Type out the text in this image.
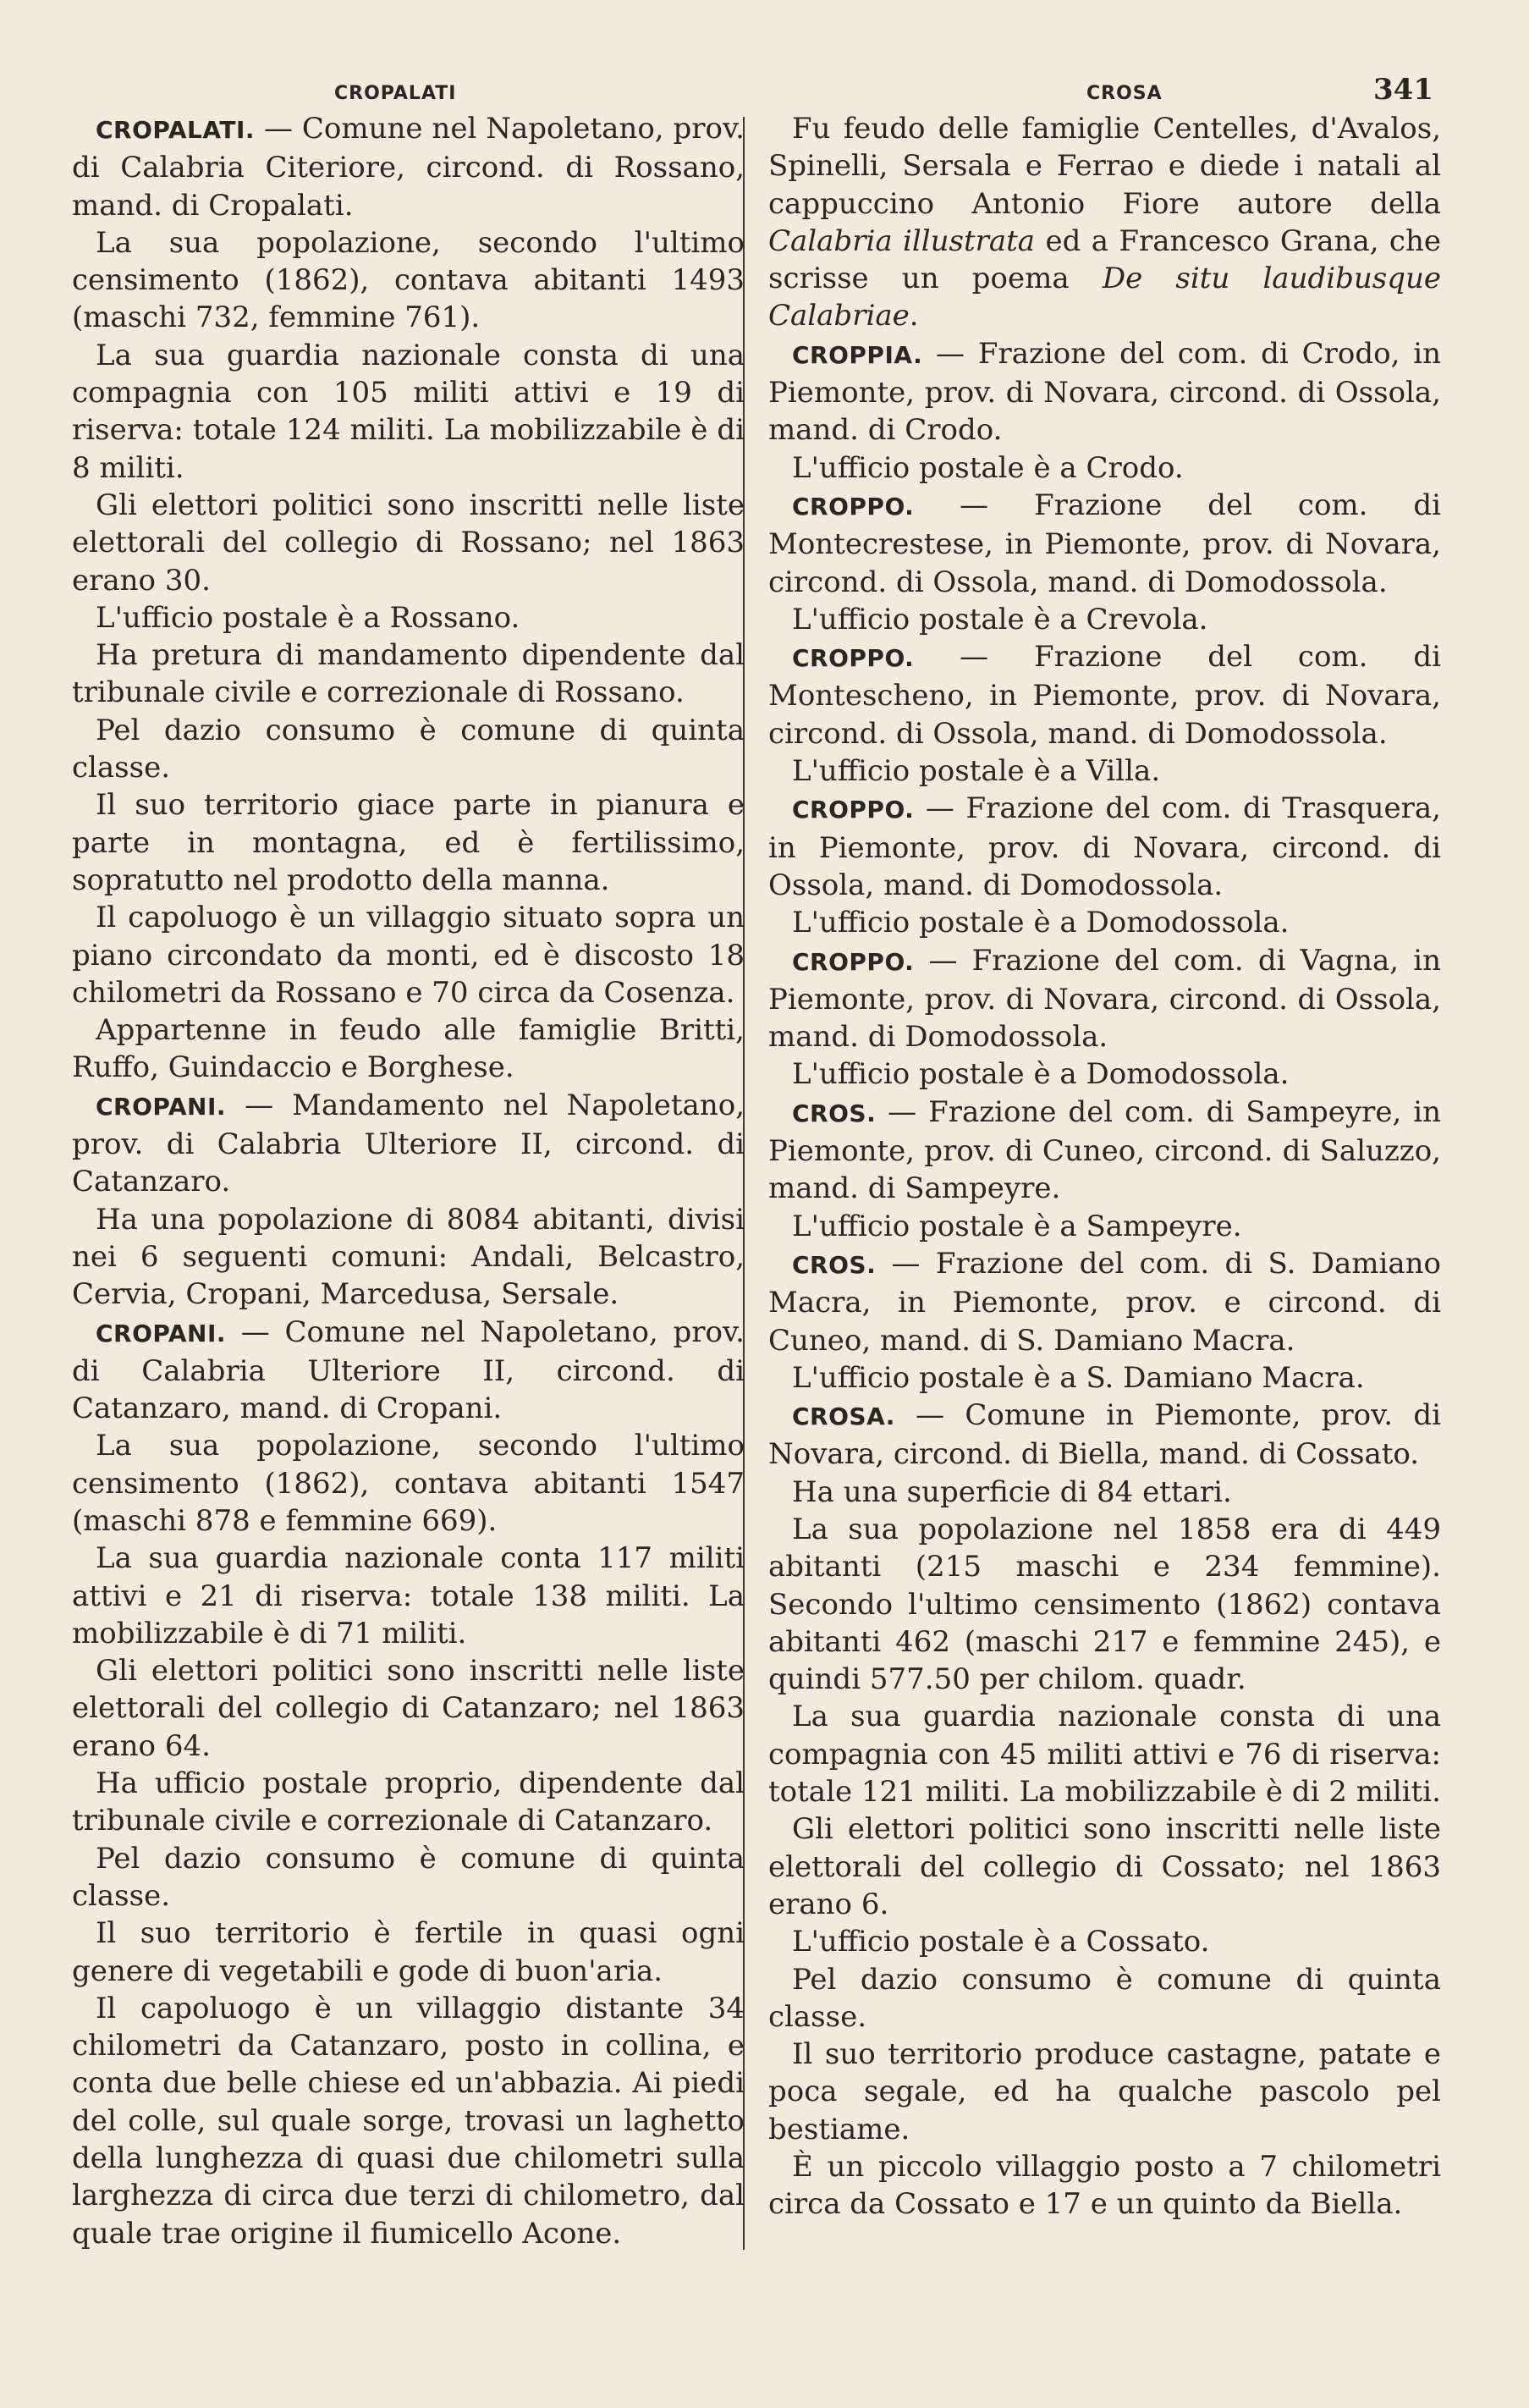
CROPALATI	CROSA	341

CROPALATI. — Comune nel Napoletano, prov. di Calabria Citeriore, circond. di Rossano, mand. di Cropalati.

La sua popolazione, secondo l'ultimo censimento (1862), contava abitanti 1493 (maschi 732, femmine 761).

La sua guardia nazionale consta di una compagnia con 105 militi attivi e 19 di riserva: totale 124 militi. La mobilizzabile è di 8 militi.

Gli elettori politici sono inscritti nelle liste elettorali del collegio di Rossano; nel 1863 erano 30.

L'ufficio postale è a Rossano.

Ha pretura di mandamento dipendente dal tribunale civile e correzionale di Rossano.

Pel dazio consumo è comune di quinta classe.

Il suo territorio giace parte in pianura e parte in montagna, ed è fertilissimo, sopratutto nel prodotto della manna.

Il capoluogo è un villaggio situato sopra un piano circondato da monti, ed è discosto 18 chilometri da Rossano e 70 circa da Cosenza.

Appartenne in feudo alle famiglie Britti, Ruffo, Guindaccio e Borghese.

CROPANI. — Mandamento nel Napoletano, prov. di Calabria Ulteriore II, circond. di Catanzaro.

Ha una popolazione di 8084 abitanti, divisi nei 6 seguenti comuni: Andali, Belcastro, Cervia, Cropani, Marcedusa, Sersale.

CROPANI. — Comune nel Napoletano, prov. di Calabria Ulteriore II, circond. di Catanzaro, mand. di Cropani.

La sua popolazione, secondo l'ultimo censimento (1862), contava abitanti 1547 (maschi 878 e femmine 669).

La sua guardia nazionale conta 117 militi attivi e 21 di riserva: totale 138 militi. La mobilizzabile è di 71 militi.

Gli elettori politici sono inscritti nelle liste elettorali del collegio di Catanzaro; nel 1863 erano 64.

Ha ufficio postale proprio, dipendente dal tribunale civile e correzionale di Catanzaro.

Pel dazio consumo è comune di quinta classe.

Il suo territorio è fertile in quasi ogni genere di vegetabili e gode di buon'aria.

Il capoluogo è un villaggio distante 34 chilometri da Catanzaro, posto in collina, e conta due belle chiese ed un'abbazia. Ai piedi del colle, sul quale sorge, trovasi un laghetto della lunghezza di quasi due chilometri sulla larghezza di circa due terzi di chilometro, dal quale trae origine il fiumicello Acone.

Fu feudo delle famiglie Centelles, d'Avalos, Spinelli, Sersala e Ferrao e diede i natali al cappuccino Antonio Fiore autore della Calabria illustrata ed a Francesco Grana, che scrisse un poema De situ laudibusque Calabriae.

CROPPIA. — Frazione del com. di Crodo, in Piemonte, prov. di Novara, circond. di Ossola, mand. di Crodo.

L'ufficio postale è a Crodo.

CROPPO. — Frazione del com. di Montecrestese, in Piemonte, prov. di Novara, circond. di Ossola, mand. di Domodossola.

L'ufficio postale è a Crevola.

CROPPO. — Frazione del com. di Montescheno, in Piemonte, prov. di Novara, circond. di Ossola, mand. di Domodossola.

L'ufficio postale è a Villa.

CROPPO. — Frazione del com. di Trasquera, in Piemonte, prov. di Novara, circond. di Ossola, mand. di Domodossola.

L'ufficio postale è a Domodossola.

CROPPO. — Frazione del com. di Vagna, in Piemonte, prov. di Novara, circond. di Ossola, mand. di Domodossola.

L'ufficio postale è a Domodossola.

CROS. — Frazione del com. di Sampeyre, in Piemonte, prov. di Cuneo, circond. di Saluzzo, mand. di Sampeyre.

L'ufficio postale è a Sampeyre.

CROS. — Frazione del com. di S. Damiano Macra, in Piemonte, prov. e circond. di Cuneo, mand. di S. Damiano Macra.

L'ufficio postale è a S. Damiano Macra.

CROSA. — Comune in Piemonte, prov. di Novara, circond. di Biella, mand. di Cossato.

Ha una superficie di 84 ettari.

La sua popolazione nel 1858 era di 449 abitanti (215 maschi e 234 femmine). Secondo l'ultimo censimento (1862) contava abitanti 462 (maschi 217 e femmine 245), e quindi 577.50 per chilom. quadr.

La sua guardia nazionale consta di una compagnia con 45 militi attivi e 76 di riserva: totale 121 militi. La mobilizzabile è di 2 militi.

Gli elettori politici sono inscritti nelle liste elettorali del collegio di Cossato; nel 1863 erano 6.

L'ufficio postale è a Cossato.

Pel dazio consumo è comune di quinta classe.

Il suo territorio produce castagne, patate e poca segale, ed ha qualche pascolo pel bestiame.

È un piccolo villaggio posto a 7 chilometri circa da Cossato e 17 e un quinto da Biella.
